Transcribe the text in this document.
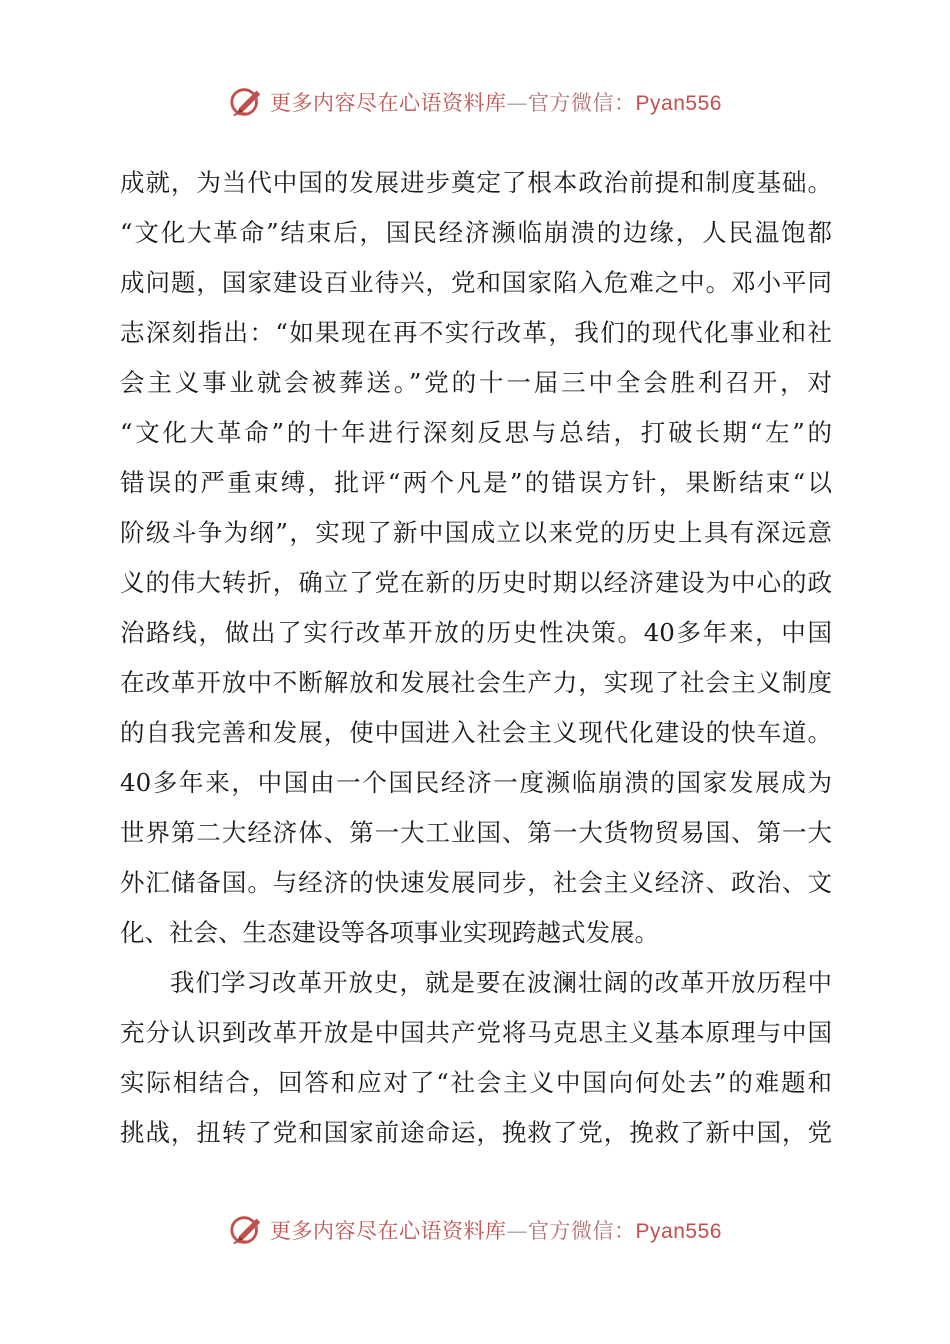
更多内容尽在心语资料库—官方微信：Pyan556
成就，为当代中国的发展进步奠定了根本政治前提和制度基础。
“文化大革命”结束后，国民经济濒临崩溃的边缘，人民温饱都
成问题，国家建设百业待兴，党和国家陷入危难之中。邓小平同
志深刻指出：“如果现在再不实行改革，我们的现代化事业和社
会主义事业就会被葬送。”党的十一届三中全会胜利召开，对
“文化大革命”的十年进行深刻反思与总结，打破长期“左”的
错误的严重束缚，批评“两个凡是”的错误方针，果断结束“以
阶级斗争为纲”，实现了新中国成立以来党的历史上具有深远意
义的伟大转折，确立了党在新的历史时期以经济建设为中心的政
治路线，做出了实行改革开放的历史性决策。40多年来，中国
在改革开放中不断解放和发展社会生产力，实现了社会主义制度
的自我完善和发展，使中国进入社会主义现代化建设的快车道。
40多年来，中国由一个国民经济一度濒临崩溃的国家发展成为
世界第二大经济体、第一大工业国、第一大货物贸易国、第一大
外汇储备国。与经济的快速发展同步，社会主义经济、政治、文
化、社会、生态建设等各项事业实现跨越式发展。
我们学习改革开放史，就是要在波澜壮阔的改革开放历程中
充分认识到改革开放是中国共产党将马克思主义基本原理与中国
实际相结合，回答和应对了“社会主义中国向何处去”的难题和
挑战，扭转了党和国家前途命运，挽救了党，挽救了新中国，党
更多内容尽在心语资料库—官方微信：Pyan556
